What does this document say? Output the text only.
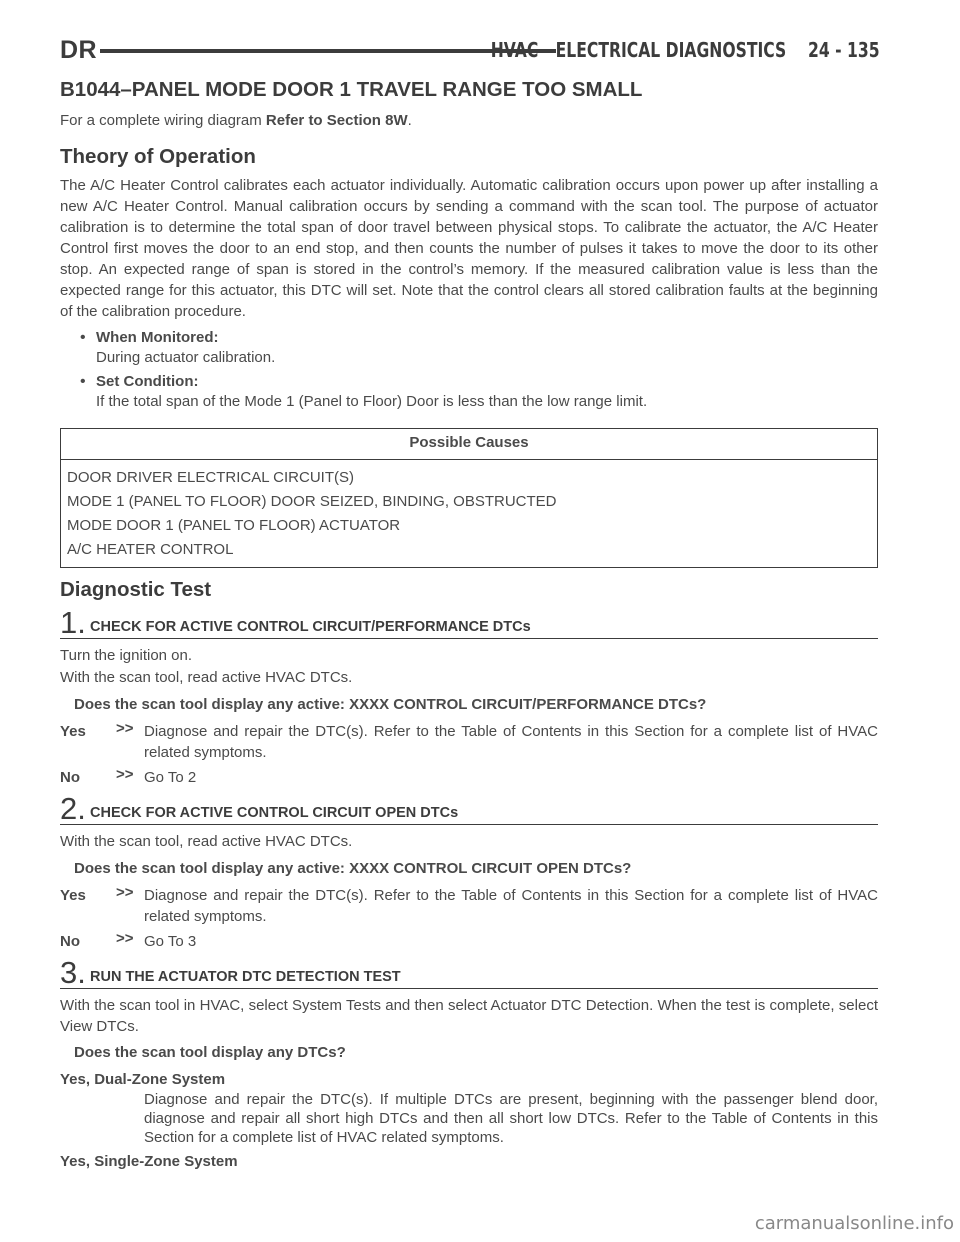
DR	HVAC - ELECTRICAL DIAGNOSTICS    24 - 135
B1044–PANEL MODE DOOR 1 TRAVEL RANGE TOO SMALL

For a complete wiring diagram Refer to Section 8W.

Theory of Operation

The A/C Heater Control calibrates each actuator individually. Automatic calibration occurs upon power up after installing a new A/C Heater Control. Manual calibration occurs by sending a command with the scan tool. The purpose of actuator calibration is to determine the total span of door travel between physical stops. To calibrate the actuator, the A/C Heater Control first moves the door to an end stop, and then counts the number of pulses it takes to move the door to its other stop. An expected range of span is stored in the control’s memory. If the measured calibration value is less than the expected range for this actuator, this DTC will set. Note that the control clears all stored calibration faults at the beginning of the calibration procedure.

• When Monitored:
During actuator calibration.
• Set Condition:
If the total span of the Mode 1 (Panel to Floor) Door is less than the low range limit.
Possible Causes
DOOR DRIVER ELECTRICAL CIRCUIT(S)
MODE 1 (PANEL TO FLOOR) DOOR SEIZED, BINDING, OBSTRUCTED
MODE DOOR 1 (PANEL TO FLOOR) ACTUATOR
A/C HEATER CONTROL
Diagnostic Test
1. CHECK FOR ACTIVE CONTROL CIRCUIT/PERFORMANCE DTCs
Turn the ignition on.
With the scan tool, read active HVAC DTCs.
Does the scan tool display any active: XXXX CONTROL CIRCUIT/PERFORMANCE DTCs?
Yes >> Diagnose and repair the DTC(s). Refer to the Table of Contents in this Section for a complete list of HVAC related symptoms.
No >> Go To 2
2. CHECK FOR ACTIVE CONTROL CIRCUIT OPEN DTCs
With the scan tool, read active HVAC DTCs.
Does the scan tool display any active: XXXX CONTROL CIRCUIT OPEN DTCs?
Yes >> Diagnose and repair the DTC(s). Refer to the Table of Contents in this Section for a complete list of HVAC related symptoms.
No >> Go To 3
3. RUN THE ACTUATOR DTC DETECTION TEST

With the scan tool in HVAC, select System Tests and then select Actuator DTC Detection. When the test is complete, select View DTCs.

Does the scan tool display any DTCs?
Yes, Dual-Zone System
Diagnose and repair the DTC(s). If multiple DTCs are present, beginning with the passenger blend door, diagnose and repair all short high DTCs and then all short low DTCs. Refer to the Table of Contents in this Section for a complete list of HVAC related symptoms.
Yes, Single-Zone System
carmanualsonline.info
